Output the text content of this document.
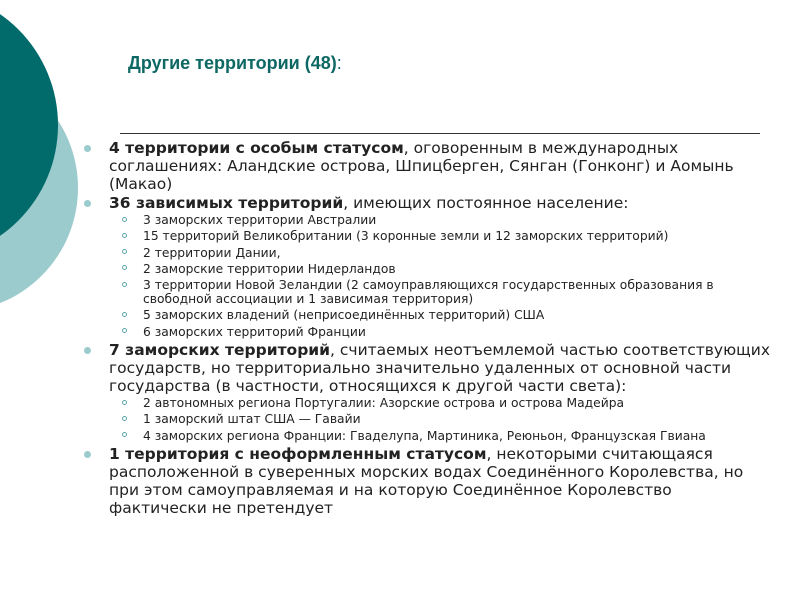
Другие территории (48):
4 территории с особым статусом, оговоренным в международных соглашениях: Аландские острова, Шпицберген, Сянган (Гонконг) и Аомынь (Макао)
36 зависимых территорий, имеющих постоянное население:
3 заморских территории Австралии
15 территорий Великобритании (3 коронные земли и 12 заморских территорий)
2 территории Дании,
2 заморские территории Нидерландов
3 территории Новой Зеландии (2 самоуправляющихся государственных образования в свободной ассоциации и 1 зависимая территория)
5 заморских владений (неприсоединённых территорий) США
6 заморских территорий Франции
7 заморских территорий, считаемых неотъемлемой частью соответствующих государств, но территориально значительно удаленных от основной части государства (в частности, относящихся к другой части света):
2 автономных региона Португалии: Азорские острова и острова Мадейра
1 заморский штат США — Гавайи
4 заморских региона Франции: Гваделупа, Мартиника, Реюньон, Французская Гвиана
1 территория с неоформленным статусом, некоторыми считающаяся расположенной в суверенных морских водах Соединённого Королевства, но при этом самоуправляемая и на которую Соединённое Королевство фактически не претендует
